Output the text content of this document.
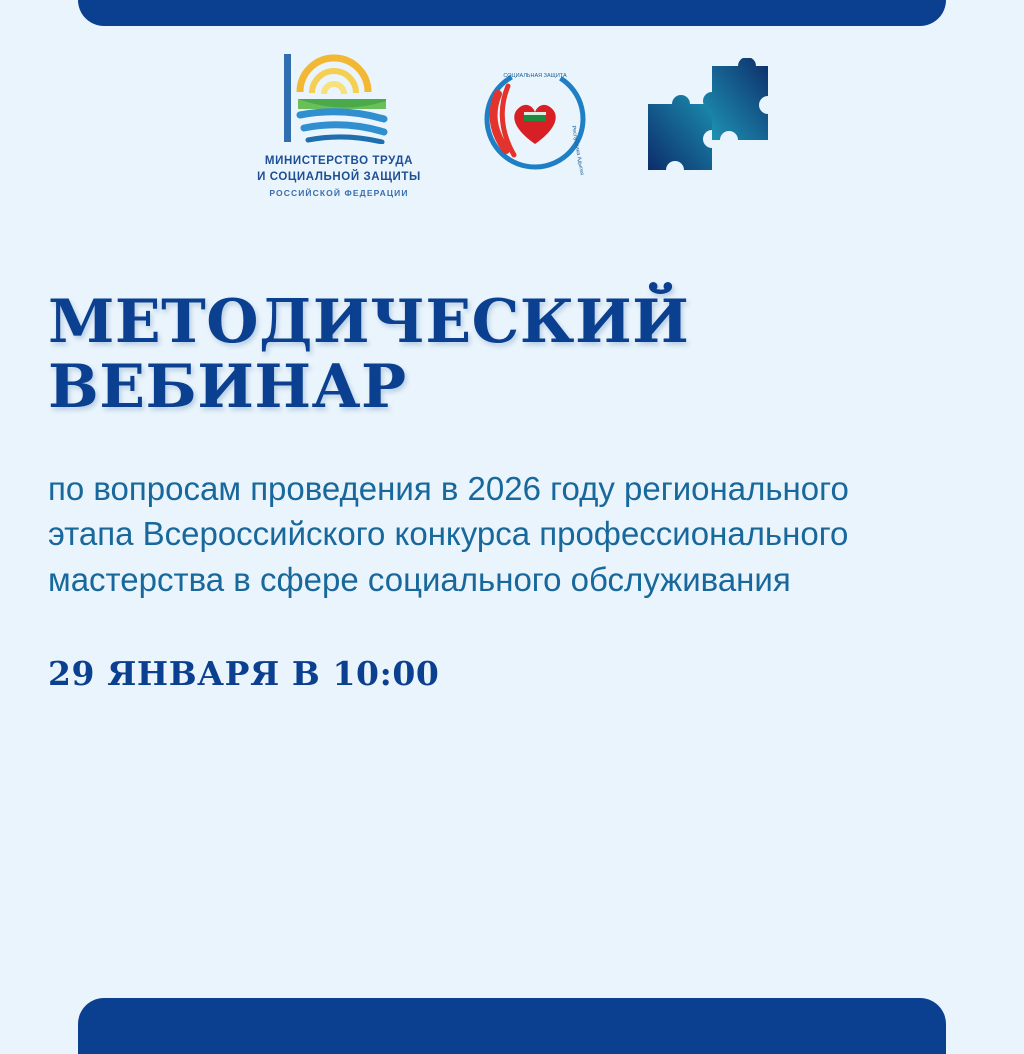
МИНИСТЕРСТВО ТРУДА
И СОЦИАЛЬНОЙ ЗАЩИТЫ
РОССИЙСКОЙ ФЕДЕРАЦИИ
СОЦИАЛЬНАЯ ЗАЩИТА
Республика Адыгея
МЕТОДИЧЕСКИЙ
ВЕБИНАР

по вопросам проведения в 2026 году регионального этапа Всероссийского конкурса профессионального мастерства в сфере социального обслуживания

29 ЯНВАРЯ В 10:00
